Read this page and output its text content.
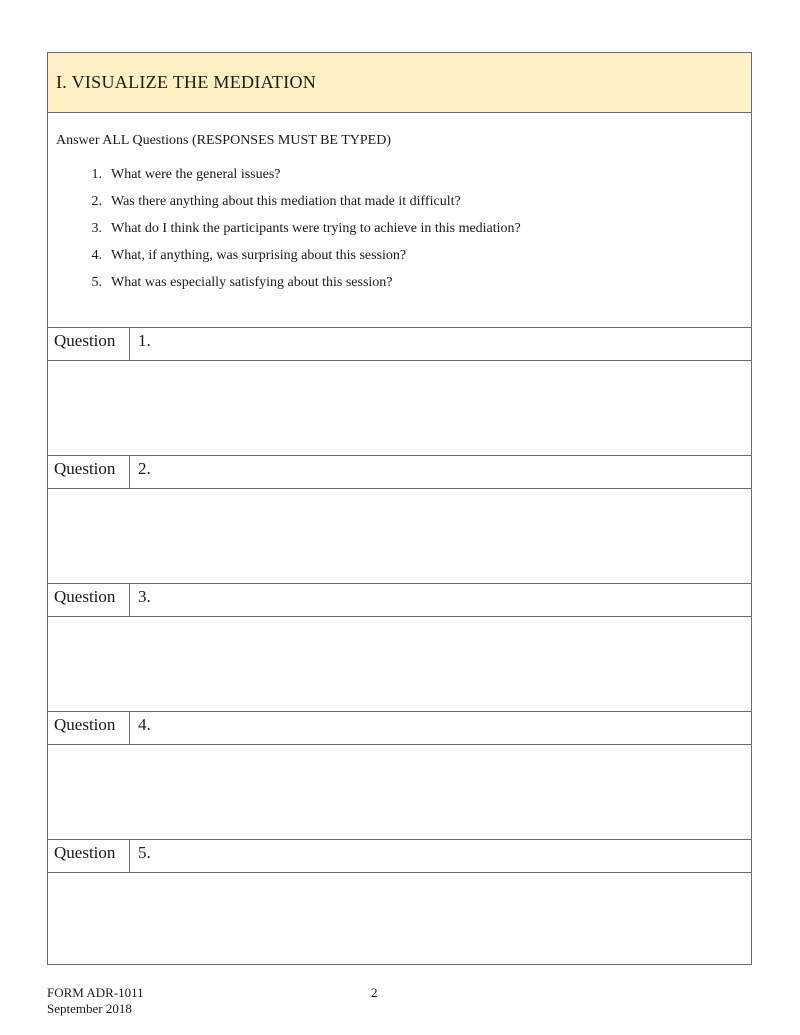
I. VISUALIZE THE MEDIATION
Answer ALL Questions (RESPONSES MUST BE TYPED)
1. What were the general issues?
2. Was there anything about this mediation that made it difficult?
3. What do I think the participants were trying to achieve in this mediation?
4. What, if anything, was surprising about this session?
5. What was especially satisfying about this session?
Question	1.
Question	2.
Question	3.
Question	4.
Question	5.
FORM ADR-1011
September 2018
2
